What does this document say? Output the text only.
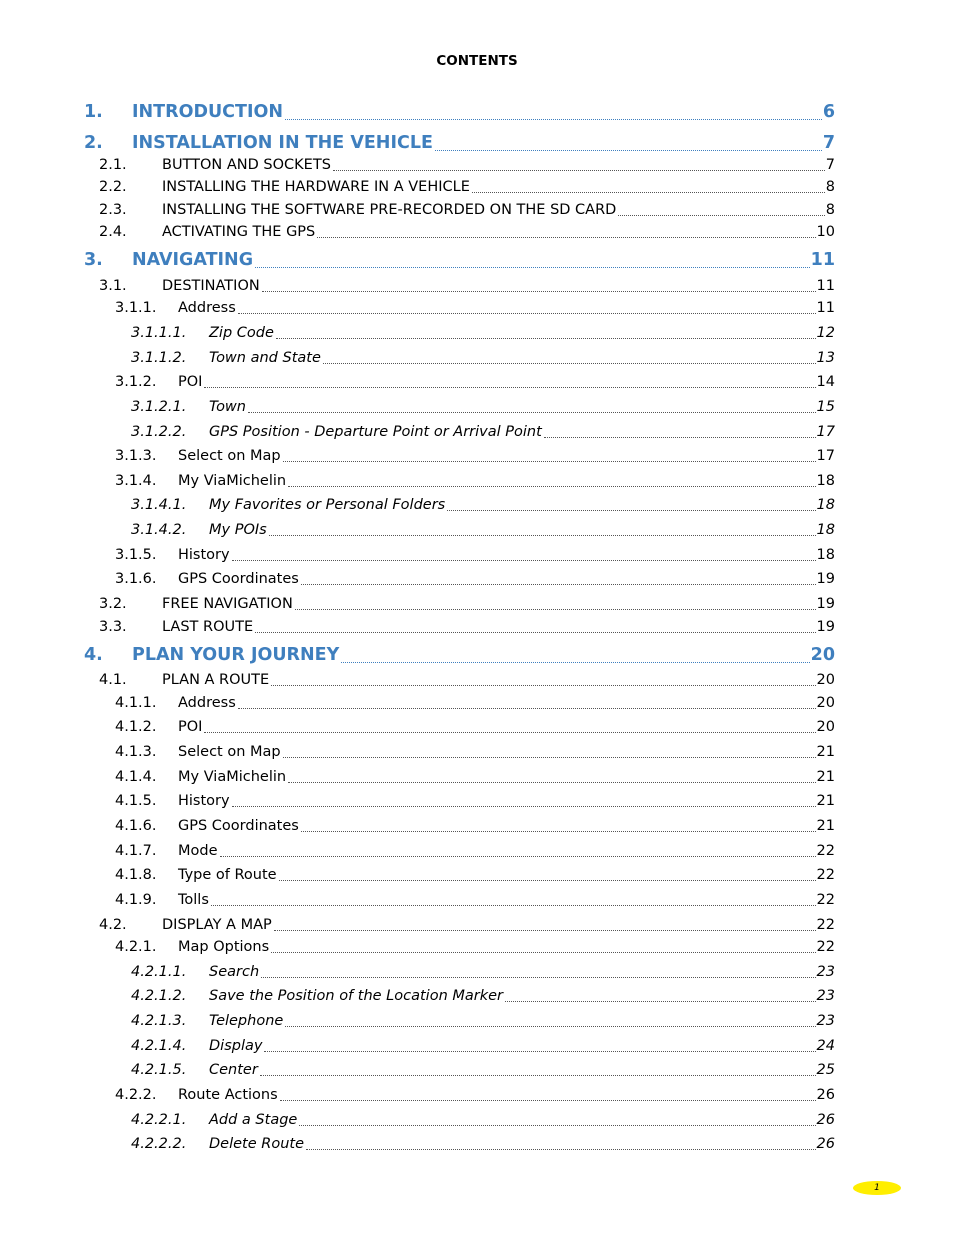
CONTENTS
1. INTRODUCTION	6
2. INSTALLATION IN THE VEHICLE	7
2.1. BUTTON AND SOCKETS	7
2.2. INSTALLING THE HARDWARE IN A VEHICLE	8
2.3. INSTALLING THE SOFTWARE PRE-RECORDED ON THE SD CARD	8
2.4. ACTIVATING THE GPS	10
3. NAVIGATING	11
3.1. DESTINATION	11
3.1.1. Address	11
3.1.1.1. Zip Code	12
3.1.1.2. Town and State	13
3.1.2. POI	14
3.1.2.1. Town	15
3.1.2.2. GPS Position - Departure Point or Arrival Point	17
3.1.3. Select on Map	17
3.1.4. My ViaMichelin	18
3.1.4.1. My Favorites or Personal Folders	18
3.1.4.2. My POIs	18
3.1.5. History	18
3.1.6. GPS Coordinates	19
3.2. FREE NAVIGATION	19
3.3. LAST ROUTE	19
4. PLAN YOUR JOURNEY	20
4.1. PLAN A ROUTE	20
4.1.1. Address	20
4.1.2. POI	20
4.1.3. Select on Map	21
4.1.4. My ViaMichelin	21
4.1.5. History	21
4.1.6. GPS Coordinates	21
4.1.7. Mode	22
4.1.8. Type of Route	22
4.1.9. Tolls	22
4.2. DISPLAY A MAP	22
4.2.1. Map Options	22
4.2.1.1. Search	23
4.2.1.2. Save the Position of the Location Marker	23
4.2.1.3. Telephone	23
4.2.1.4. Display	24
4.2.1.5. Center	25
4.2.2. Route Actions	26
4.2.2.1. Add a Stage	26
4.2.2.2. Delete Route	26
1
